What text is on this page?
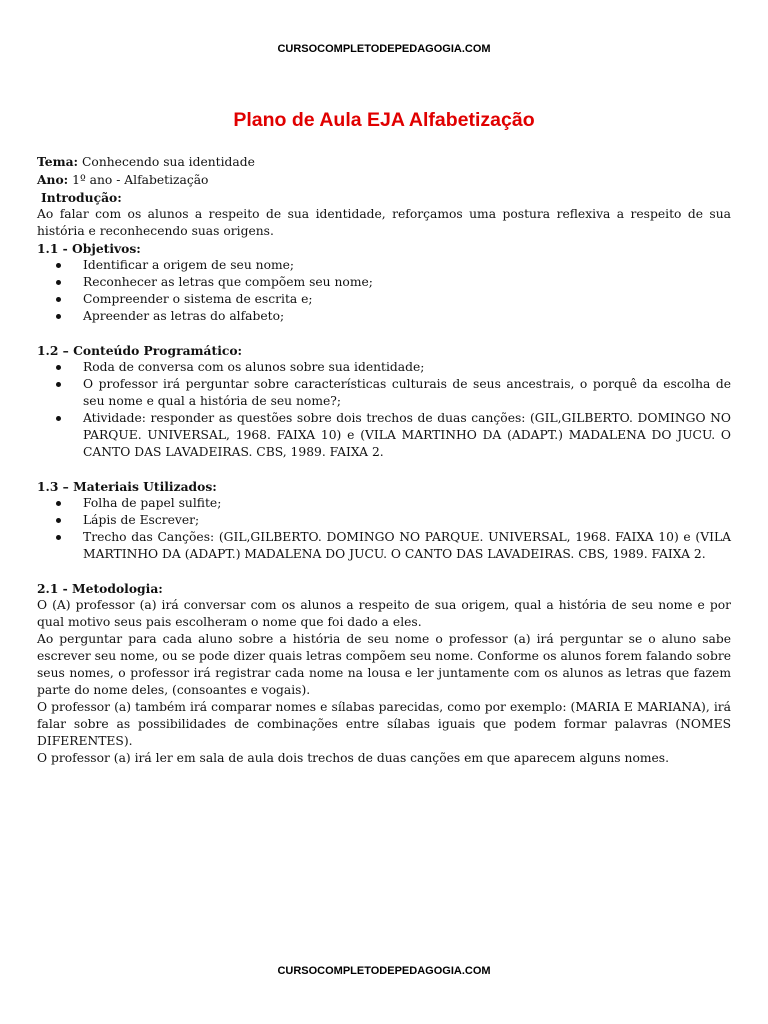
CURSOCOMPLETODEPEDAGOGIA.COM
Plano de Aula EJA Alfabetização

Tema: Conhecendo sua identidade

Ano: 1º ano - Alfabetização

Introdução:

Ao falar com os alunos a respeito de sua identidade, reforçamos uma postura reflexiva a respeito de sua história e reconhecendo suas origens.

1.1 - Objetivos:

Identificar a origem de seu nome;
Reconhecer as letras que compõem seu nome;
Compreender o sistema de escrita e;
Apreender as letras do alfabeto;

1.2 – Conteúdo Programático:

Roda de conversa com os alunos sobre sua identidade;
O professor irá perguntar sobre características culturais de seus ancestrais, o porquê da escolha de seu nome e qual a história de seu nome?;
Atividade: responder as questões sobre dois trechos de duas canções: (GIL,GILBERTO. DOMINGO NO PARQUE. UNIVERSAL, 1968. FAIXA 10) e (VILA MARTINHO DA (ADAPT.) MADALENA DO JUCU. O CANTO DAS LAVADEIRAS. CBS, 1989. FAIXA 2.

1.3 – Materiais Utilizados:

Folha de papel sulfite;
Lápis de Escrever;
Trecho das Canções: (GIL,GILBERTO. DOMINGO NO PARQUE. UNIVERSAL, 1968. FAIXA 10) e (VILA MARTINHO DA (ADAPT.) MADALENA DO JUCU. O CANTO DAS LAVADEIRAS. CBS, 1989. FAIXA 2.

2.1 - Metodologia:

O (A) professor (a) irá conversar com os alunos a respeito de sua origem, qual a história de seu nome e por qual motivo seus pais escolheram o nome que foi dado a eles.

Ao perguntar para cada aluno sobre a história de seu nome o professor (a) irá perguntar se o aluno sabe escrever seu nome, ou se pode dizer quais letras compõem seu nome. Conforme os alunos forem falando sobre seus nomes, o professor irá registrar cada nome na lousa e ler juntamente com os alunos as letras que fazem parte do nome deles, (consoantes e vogais).

O professor (a) também irá comparar nomes e sílabas parecidas, como por exemplo: (MARIA E MARIANA), irá falar sobre as possibilidades de combinações entre sílabas iguais que podem formar palavras (NOMES DIFERENTES).

O professor (a) irá ler em sala de aula dois trechos de duas canções em que aparecem alguns nomes.

CURSOCOMPLETODEPEDAGOGIA.COM
